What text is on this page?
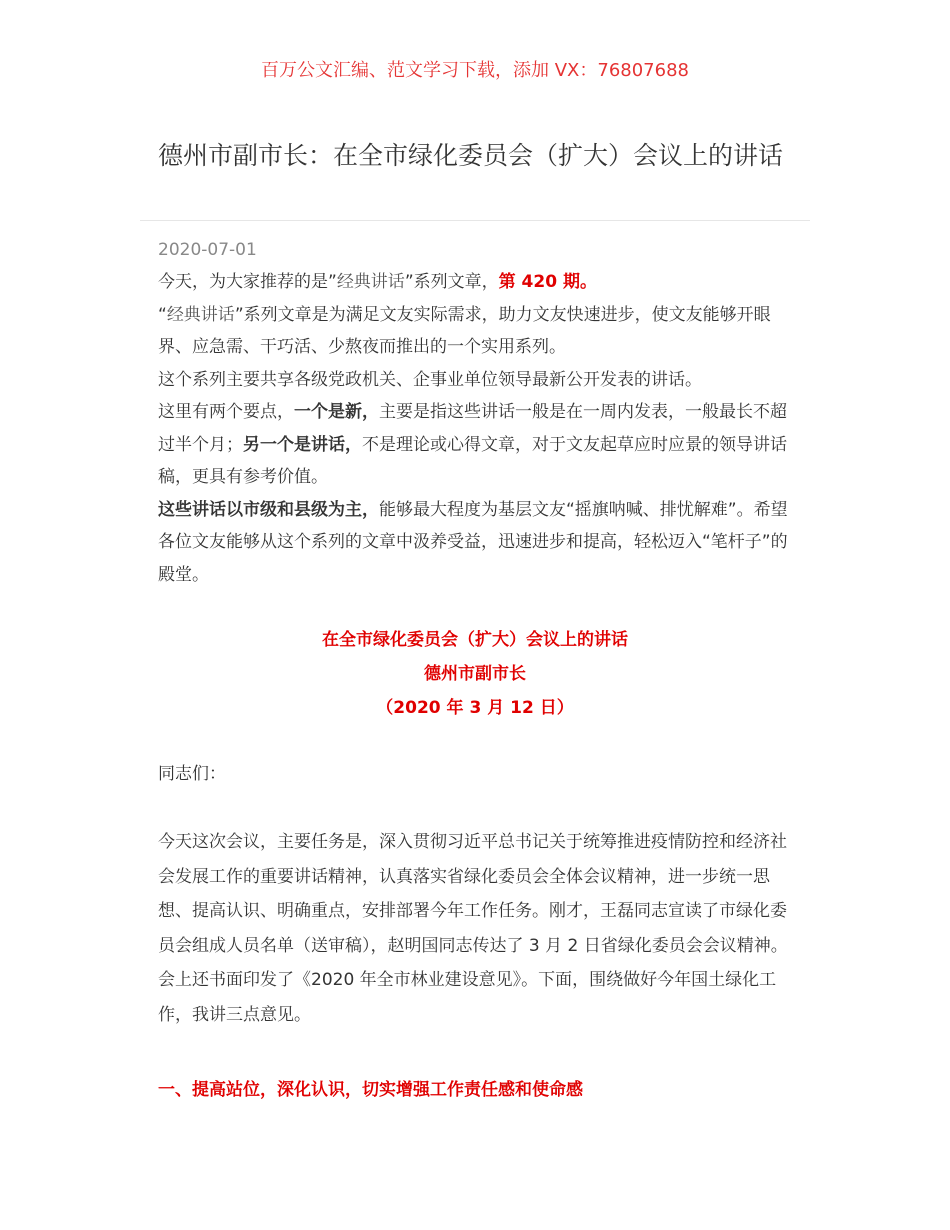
百万公文汇编、范文学习下载，添加 VX：76807688
德州市副市长：在全市绿化委员会（扩大）会议上的讲话
2020-07-01

今天，为大家推荐的是”经典讲话”系列文章，第 420 期。

“经典讲话”系列文章是为满足文友实际需求，助力文友快速进步，使文友能够开眼界、应急需、干巧活、少熬夜而推出的一个实用系列。

这个系列主要共享各级党政机关、企事业单位领导最新公开发表的讲话。

这里有两个要点，一个是新，主要是指这些讲话一般是在一周内发表，一般最长不超过半个月；另一个是讲话，不是理论或心得文章，对于文友起草应时应景的领导讲话稿，更具有参考价值。

这些讲话以市级和县级为主，能够最大程度为基层文友“摇旗呐喊、排忧解难”。希望各位文友能够从这个系列的文章中汲养受益，迅速进步和提高，轻松迈入“笔杆子”的殿堂。

在全市绿化委员会（扩大）会议上的讲话
德州市副市长
（2020 年 3 月 12 日）

同志们：

今天这次会议，主要任务是，深入贯彻习近平总书记关于统筹推进疫情防控和经济社会发展工作的重要讲话精神，认真落实省绿化委员会全体会议精神，进一步统一思想、提高认识、明确重点，安排部署今年工作任务。刚才，王磊同志宣读了市绿化委员会组成人员名单（送审稿），赵明国同志传达了 3 月 2 日省绿化委员会会议精神。会上还书面印发了《2020 年全市林业建设意见》。下面，围绕做好今年国土绿化工作，我讲三点意见。

一、提高站位，深化认识，切实增强工作责任感和使命感
